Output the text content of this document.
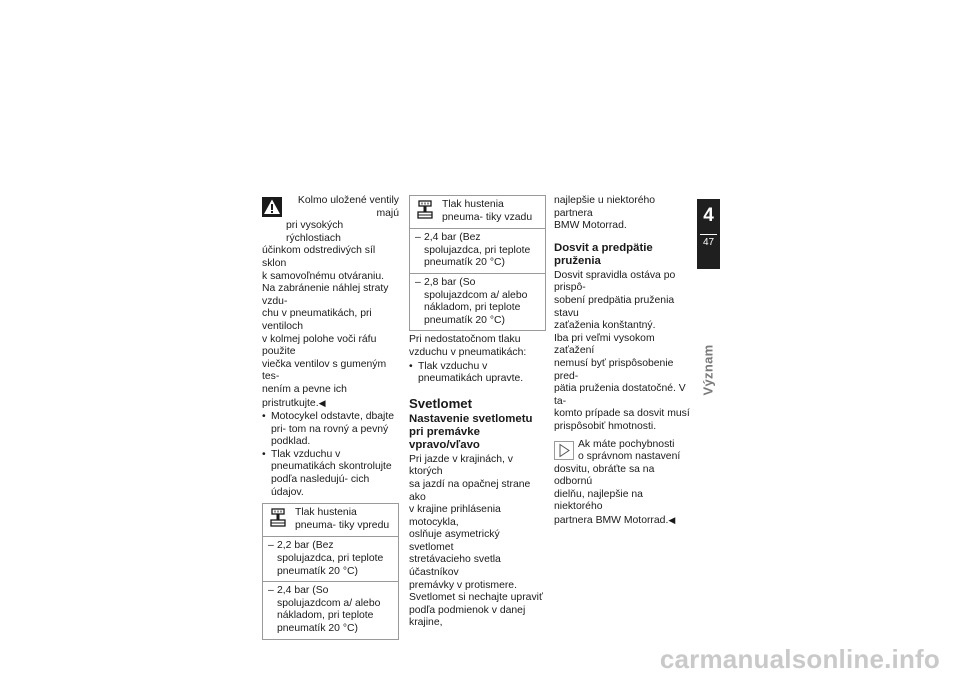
Kolmo uložené ventily majú

pri vysokých rýchlostiach

účinkom odstredivých síl sklon

k samovoľnému otváraniu.

Na zabránenie náhlej straty vzdu-

chu v pneumatikách, pri ventiloch

v kolmej polohe voči ráfu použite

viečka ventilov s gumeným tes-

nením a pevne ich pristrutkujte.◀

• Motocykel odstavte, dbajte pri- tom na rovný a pevný podklad.
• Tlak vzduchu v pneumatikách skontrolujte podľa nasledujú- cich údajov.
Tlak hustenia pneuma- tiky vpredu
– 2,2 bar (Bez spolujazdca, pri teplote pneumatík 20 °C)
– 2,4 bar (So spolujazdcom a/ alebo nákladom, pri teplote pneumatík 20 °C)
Tlak hustenia pneuma- tiky vzadu
– 2,4 bar (Bez spolujazdca, pri teplote pneumatík 20 °C)
– 2,8 bar (So spolujazdcom a/ alebo nákladom, pri teplote pneumatík 20 °C)

Pri nedostatočnom tlaku vzduchu v pneumatikách:

• Tlak vzduchu v pneumatikách upravte.
Svetlomet
Nastavenie svetlometu pri premávke vpravo/vľavo

Pri jazde v krajinách, v ktorých

sa jazdí na opačnej strane ako

v krajine prihlásenia motocykla,

oslňuje asymetrický svetlomet

stretávacieho svetla účastníkov

premávky v protismere.

Svetlomet si nechajte upraviť

podľa podmienok v danej krajine,

najlepšie u niektorého partnera

BMW Motorrad.

Dosvit a predpätie pruženia

Dosvit spravidla ostáva po prispô-

sobení predpätia pruženia stavu

zaťaženia konštantný.

Iba pri veľmi vysokom zaťažení

nemusí byť prispôsobenie pred-

pätia pruženia dostatočné. V ta-

komto prípade sa dosvit musí

prispôsobiť hmotnosti.

Ak máte pochybnosti

o správnom nastavení

dosvitu, obráťte sa na odbornú

dielňu, najlepšie na niektorého

partnera BMW Motorrad.◀

4
47
Význam
carmanualsonline.info
